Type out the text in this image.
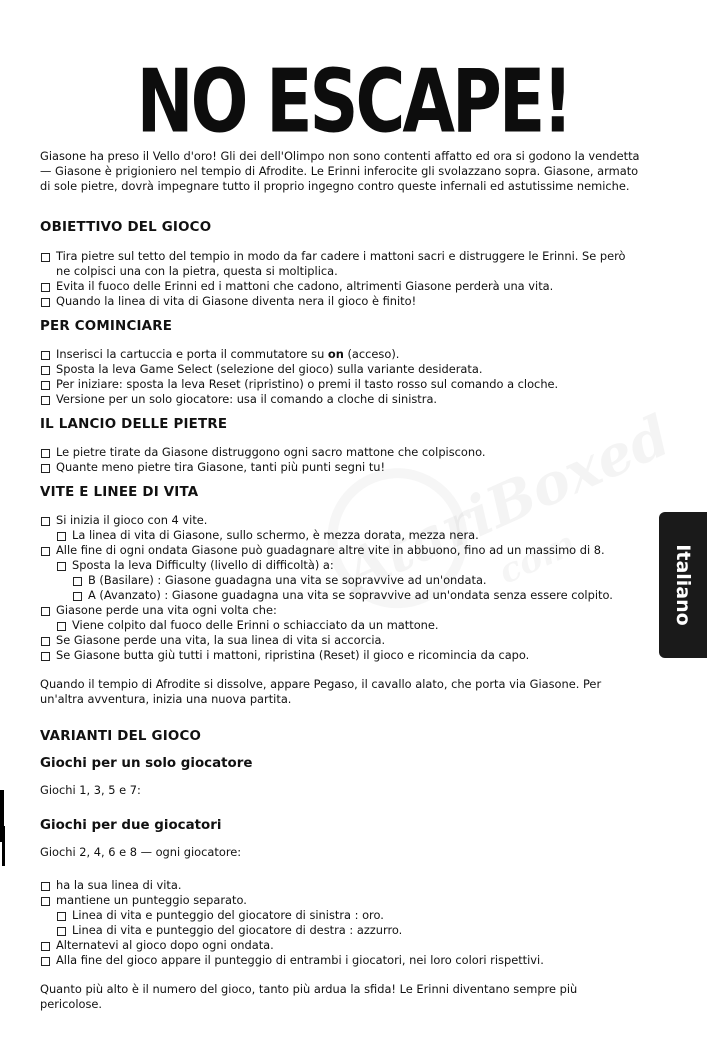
NO ESCAPE!

Giasone ha preso il Vello d'oro! Gli dei dell'Olimpo non sono contenti affatto ed ora si godono la vendetta — Giasone è prigioniero nel tempio di Afrodite. Le Erinni inferocite gli svolazzano sopra. Giasone, armato di sole pietre, dovrà impegnare tutto il proprio ingegno contro queste infernali ed astutissime nemiche.

OBIETTIVO DEL GIOCO
Tira pietre sul tetto del tempio in modo da far cadere i mattoni sacri e distruggere le Erinni. Se però ne colpisci una con la pietra, questa si moltiplica.
Evita il fuoco delle Erinni ed i mattoni che cadono, altrimenti Giasone perderà una vita.
Quando la linea di vita di Giasone diventa nera il gioco è finito!
PER COMINCIARE
Inserisci la cartuccia e porta il commutatore su on (acceso).
Sposta la leva Game Select (selezione del gioco) sulla variante desiderata.
Per iniziare: sposta la leva Reset (ripristino) o premi il tasto rosso sul comando a cloche.
Versione per un solo giocatore: usa il comando a cloche di sinistra.
IL LANCIO DELLE PIETRE
Le pietre tirate da Giasone distruggono ogni sacro mattone che colpiscono.
Quante meno pietre tira Giasone, tanti più punti segni tu!
VITE E LINEE DI VITA
Si inizia il gioco con 4 vite.
La linea di vita di Giasone, sullo schermo, è mezza dorata, mezza nera.
Alle fine di ogni ondata Giasone può guadagnare altre vite in abbuono, fino ad un massimo di 8.
Sposta la leva Difficulty (livello di difficoltà) a:
B (Basilare) : Giasone guadagna una vita se sopravvive ad un'ondata.
A (Avanzato) : Giasone guadagna una vita se sopravvive ad un'ondata senza essere colpito.
Giasone perde una vita ogni volta che:
Viene colpito dal fuoco delle Erinni o schiacciato da un mattone.
Se Giasone perde una vita, la sua linea di vita si accorcia.
Se Giasone butta giù tutti i mattoni, ripristina (Reset) il gioco e ricomincia da capo.

Quando il tempio di Afrodite si dissolve, appare Pegaso, il cavallo alato, che porta via Giasone. Per un'altra avventura, inizia una nuova partita.

VARIANTI DEL GIOCO
Giochi per un solo giocatore

Giochi 1, 3, 5 e 7:

Giochi per due giocatori

Giochi 2, 4, 6 e 8 — ogni giocatore:

ha la sua linea di vita.
mantiene un punteggio separato.
Linea di vita e punteggio del giocatore di sinistra : oro.
Linea di vita e punteggio del giocatore di destra : azzurro.
Alternatevi al gioco dopo ogni ondata.
Alla fine del gioco appare il punteggio di entrambi i giocatori, nei loro colori rispettivi.

Quanto più alto è il numero del gioco, tanto più ardua la sfida! Le Erinni diventano sempre più pericolose.

Italiano
